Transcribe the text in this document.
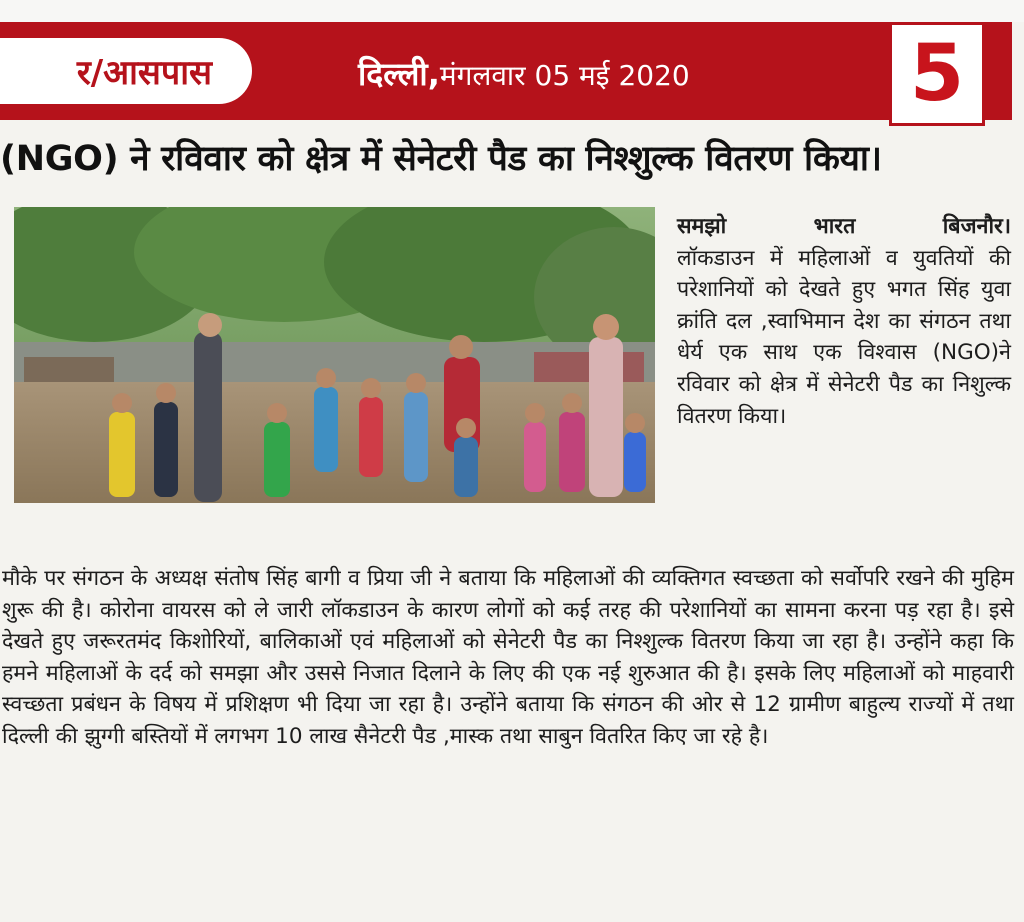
र/आसपास	दिल्ली, मंगलवार 05 मई 2020	5
(NGO) ने रविवार को क्षेत्र में सेनेटरी पैड का निश्शुल्क वितरण किया।
समझो भारत बिजनौर।
लॉकडाउन में महिलाओं व युवतियों की परेशानियों को देखते हुए भगत सिंह युवा क्रांति दल ,स्वाभिमान देश का संगठन तथा धेर्य एक साथ एक विश्वास (NGO)ने रविवार को क्षेत्र में सेनेटरी पैड का निशुल्क वितरण किया।
मौके पर संगठन के अध्यक्ष संतोष सिंह बागी व प्रिया जी ने बताया कि महिलाओं की व्यक्तिगत स्वच्छता को सर्वोपरि रखने की मुहिम शुरू की है। कोरोना वायरस को ले जारी लॉकडाउन के कारण लोगों को कई तरह की परेशानियों का सामना करना पड़ रहा है। इसे देखते हुए जरूरतमंद किशोरियों, बालिकाओं एवं महिलाओं को सेनेटरी पैड का निश्शुल्क वितरण किया जा रहा है। उन्होंने कहा कि हमने महिलाओं के दर्द को समझा और उससे निजात दिलाने के लिए की एक नई शुरुआत की है। इसके लिए महिलाओं को माहवारी स्वच्छता प्रबंधन के विषय में प्रशिक्षण भी दिया जा रहा है। उन्होंने बताया कि संगठन की ओर से 12 ग्रामीण बाहुल्य राज्यों में तथा दिल्ली की झुग्गी बस्तियों में लगभग 10 लाख सैनेटरी पैड ,मास्क तथा साबुन वितरित किए जा रहे है।
